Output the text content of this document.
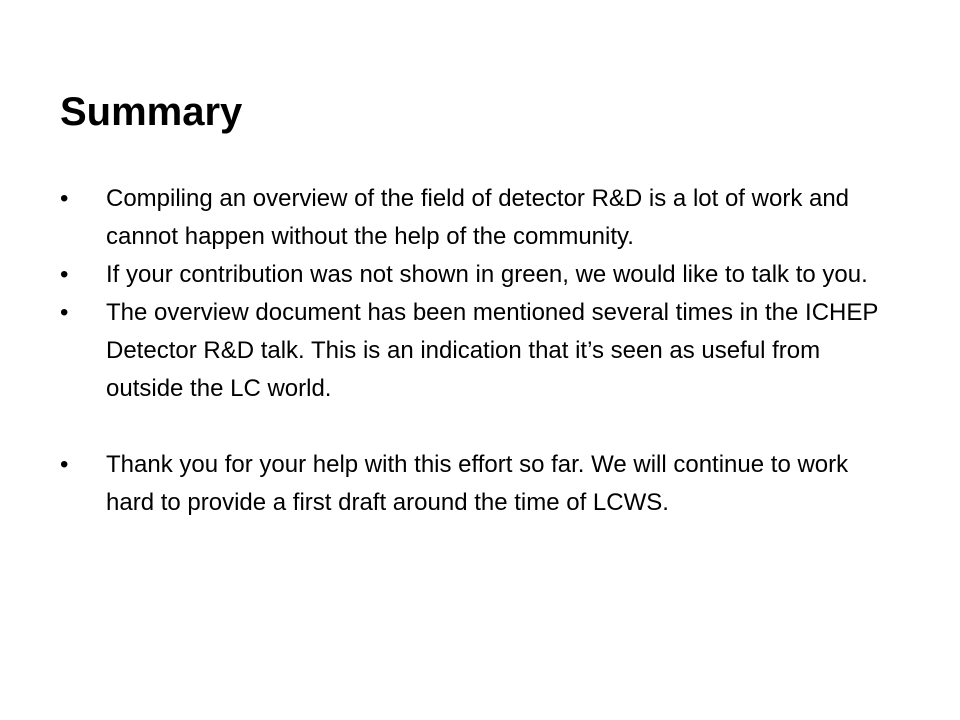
Summary
• Compiling an overview of the field of detector R&D is a lot of work and cannot happen without the help of the community.
• If your contribution was not shown in green, we would like to talk to you.
• The overview document has been mentioned several times in the ICHEP Detector R&D talk. This is an indication that it’s seen as useful from outside the LC world.
• Thank you for your help with this effort so far. We will continue to work hard to provide a first draft around the time of LCWS.
